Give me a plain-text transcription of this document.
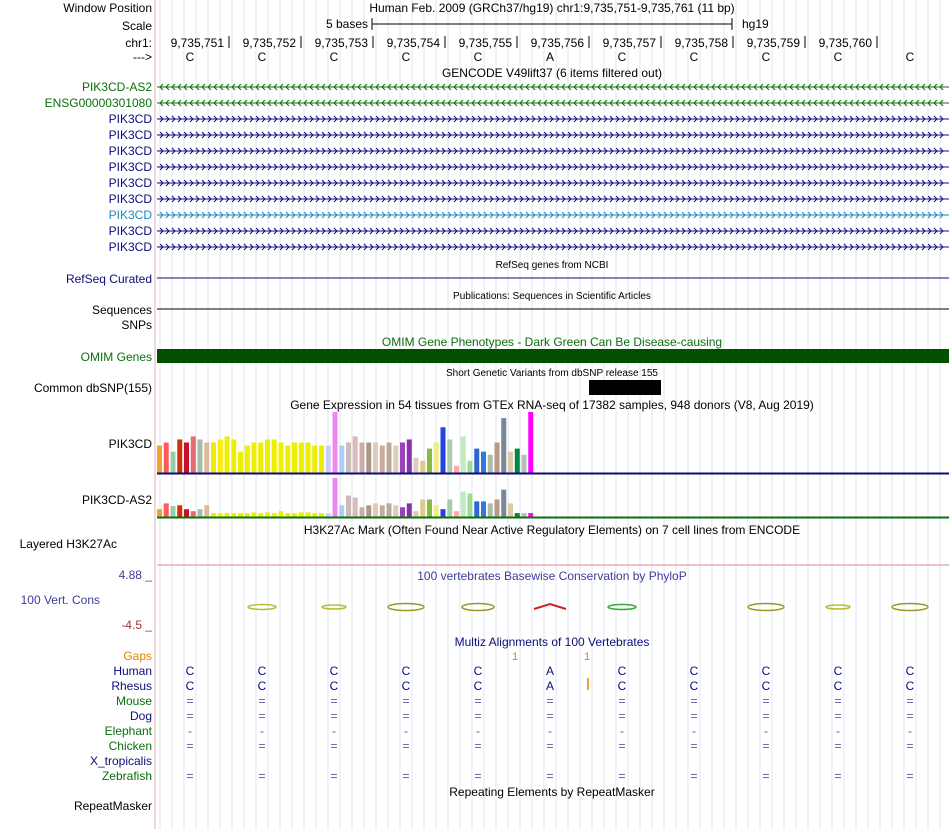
Window Position	Human Feb. 2009 (GRCh37/hg19) chr1:9,735,751-9,735,761 (11 bp)
Scale	5 bases	hg19
chr1: 9,735,751 9,735,752 9,735,753 9,735,754 9,735,755 9,735,756 9,735,757 9,735,758 9,735,759 9,735,760
--->	C	C	C	C	C	A	C	C	C	C	C
GENCODE V49lift37 (6 items filtered out)
PIK3CD-AS2
ENSG00000301080
PIK3CD
PIK3CD
PIK3CD
PIK3CD
PIK3CD
PIK3CD
PIK3CD
PIK3CD
PIK3CD
RefSeq genes from NCBI
RefSeq Curated
Publications: Sequences in Scientific Articles
Sequences
SNPs
OMIM Gene Phenotypes - Dark Green Can Be Disease-causing
OMIM Genes
Short Genetic Variants from dbSNP release 155
Common dbSNP(155)
Gene Expression in 54 tissues from GTEx RNA-seq of 17382 samples, 948 donors (V8, Aug 2019)
PIK3CD
PIK3CD-AS2
H3K27Ac Mark (Often Found Near Active Regulatory Elements) on 7 cell lines from ENCODE
Layered H3K27Ac
100 vertebrates Basewise Conservation by PhyloP
4.88 _
100 Vert. Cons
-4.5 _
Multiz Alignments of 100 Vertebrates
Gaps	1	1
Human	C	C	C	C	C	A	C	C	C	C	C
Rhesus	C	C	C	C	C	A	C	C	C	C	C
Mouse	=	=	=	=	=	=	=	=	=	=	=
Dog	=	=	=	=	=	=	=	=	=	=	=
Elephant	-	-	-	-	-	-	-	-	-	-	-
Chicken	=	=	=	=	=	=	=	=	=	=	=
X_tropicalis
Zebrafish	=	=	=	=	=	=	=	=	=	=	=
Repeating Elements by RepeatMasker
RepeatMasker
